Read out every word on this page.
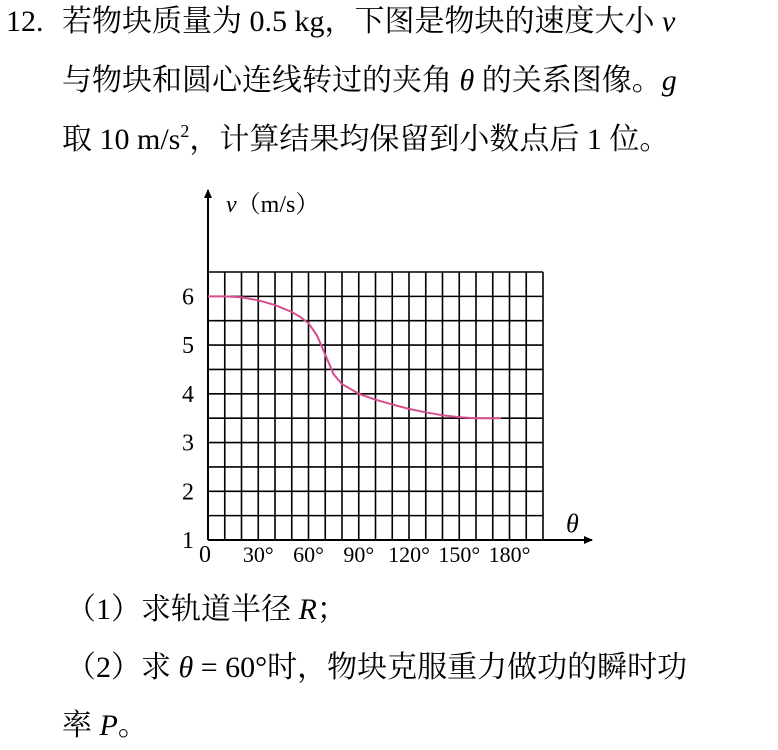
12. 若物块质量为 0.5 kg，下图是物块的速度大小 v
与物块和圆心连线转过的夹角 θ 的关系图像。g
取 10 $m/s^2$，计算结果均保留到小数点后 1 位。
v（m/s）
θ
0 30° 60° 90° 120° 150° 180°
1
2
3
4
5
6
（1）求轨道半径 R；
（2）求 θ = 60°时，物块克服重力做功的瞬时功
率 P。
